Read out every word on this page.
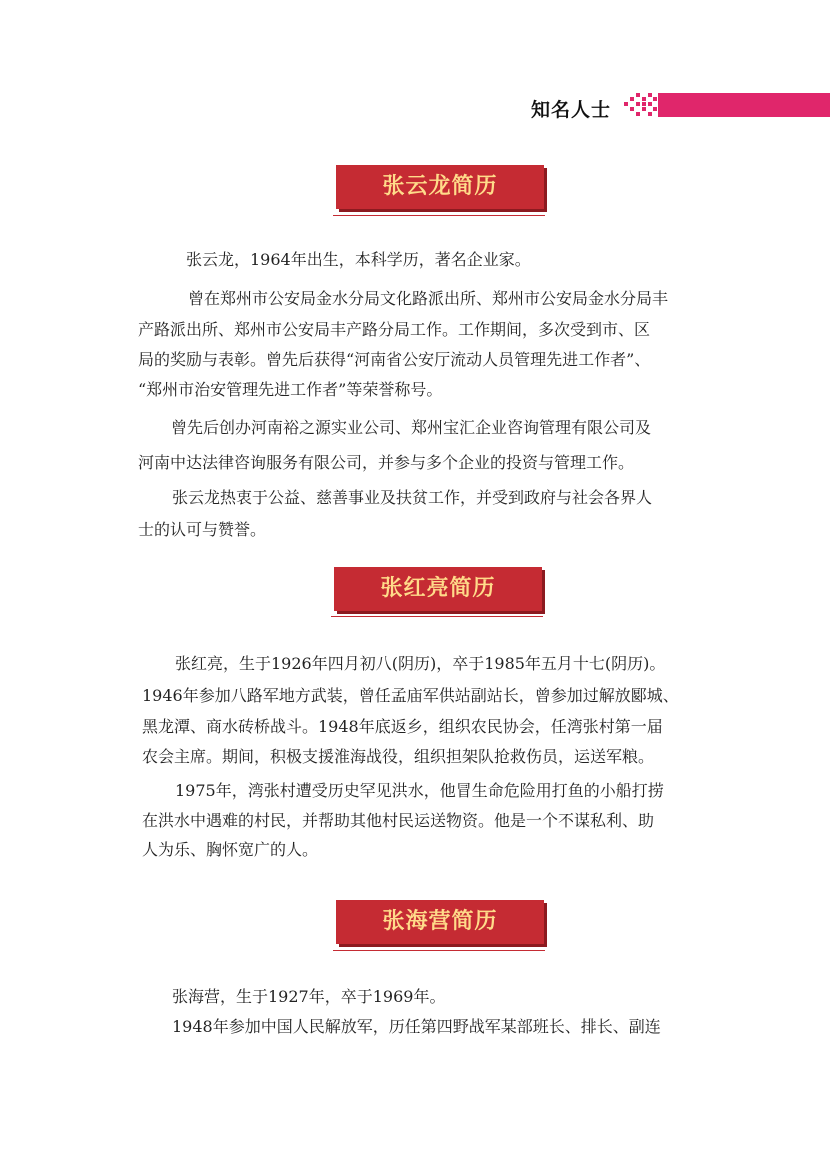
知名人士
张云龙简历

张云龙，1964年出生，本科学历，著名企业家。

曾在郑州市公安局金水分局文化路派出所、郑州市公安局金水分局丰

产路派出所、郑州市公安局丰产路分局工作。工作期间，多次受到市、区

局的奖励与表彰。曾先后获得“河南省公安厅流动人员管理先进工作者”、

“郑州市治安管理先进工作者”等荣誉称号。

曾先后创办河南裕之源实业公司、郑州宝汇企业咨询管理有限公司及

河南中达法律咨询服务有限公司，并参与多个企业的投资与管理工作。

张云龙热衷于公益、慈善事业及扶贫工作，并受到政府与社会各界人

士的认可与赞誉。

张红亮简历

张红亮，生于1926年四月初八(阴历)，卒于1985年五月十七(阴历)。

1946年参加八路军地方武装，曾任孟庙军供站副站长，曾参加过解放郾城、

黑龙潭、商水砖桥战斗。1948年底返乡，组织农民协会，任湾张村第一届

农会主席。期间，积极支援淮海战役，组织担架队抢救伤员，运送军粮。

1975年，湾张村遭受历史罕见洪水，他冒生命危险用打鱼的小船打捞

在洪水中遇难的村民，并帮助其他村民运送物资。他是一个不谋私利、助

人为乐、胸怀宽广的人。

张海营简历

张海营，生于1927年，卒于1969年。

1948年参加中国人民解放军，历任第四野战军某部班长、排长、副连
